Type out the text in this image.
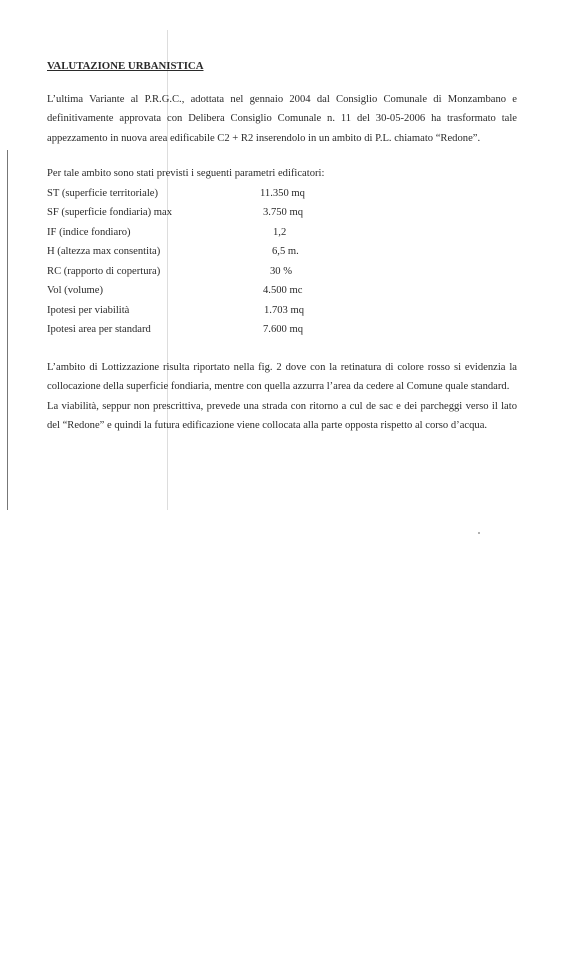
VALUTAZIONE URBANISTICA

L’ultima Variante al P.R.G.C., adottata nel gennaio 2004 dal Consiglio Comunale di Monzambano e definitivamente approvata con Delibera Consiglio Comunale n. 11 del 30-05-2006 ha trasformato tale appezzamento in nuova area edificabile C2 + R2 inserendolo in un ambito di P.L. chiamato “Redone”.

Per tale ambito sono stati previsti i seguenti parametri edificatori:

ST (superficie territoriale)	11.350 mq
SF (superficie fondiaria) max	3.750 mq
IF (indice fondiaro)	1,2
H (altezza max consentita)	6,5 m.
RC (rapporto di copertura)	30 %
Vol (volume)	4.500 mc
Ipotesi per viabilità	1.703 mq
Ipotesi area per standard	7.600 mq

L’ambito di Lottizzazione risulta riportato nella fig. 2 dove con la retinatura di colore rosso si evidenzia la collocazione della superficie fondiaria, mentre con quella azzurra l’area da cedere al Comune quale standard.

La viabilità, seppur non prescrittiva, prevede una strada con ritorno a cul de sac e dei parcheggi verso il lato del “Redone” e quindi la futura edificazione viene collocata alla parte opposta rispetto al corso d’acqua.
